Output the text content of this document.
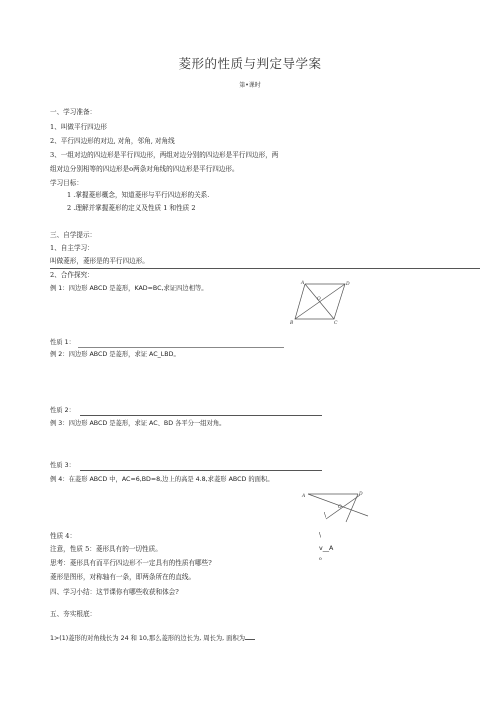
菱形的性质与判定导学案
第•课时
一、学习准备：
1、叫做平行四边形
2、平行四边形的对边, 对角，邻角, 对角线
3、一组对边的四边形是平行四边形，两组对边分别的四边形是平行四边形，两
组对边分别相等的四边形是o两条对角线的四边形是平行四边形。
学习目标：
1 .掌握菱形概念，知道菱形与平行四边形的关系.
2 .理解并掌握菱形的定义及性质 1 和性质 2
三、自学提示：
1、自主学习：
叫做菱形，菱形是的平行四边形。
2、合作探究：
例 1：四边形 ABCD 是菱形，KAD=BC,求证四边相等。
A	D
B	C
O
性质 1：
例 2：四边形 ABCD 是菱形，求证 AC_LBD。
性质 2：
例 3：四边形 ABCD 是菱形，求证 AC、BD 各平分一组对角。
性质 3：
例 4：在菱形 ABCD 中，AC=6,BD=8,边上的高是 4.8,求菱形 ABCD 的面积。
A	D
O
\
\
v__A
o
性质 4：
注意，性质 5：菱形具有的一切性质。
思考：菱形具有而平行四边形不一定具有的性质有哪些?
菱形是图形，对称轴有一条，即两条所在的直线。
四、学习小结：这节课你有哪些收获和体会?
五、夯实根底：
1>(1)菱形的对角线长为 24 和 10,那么菱形的边长为, 周长为, 面积为
